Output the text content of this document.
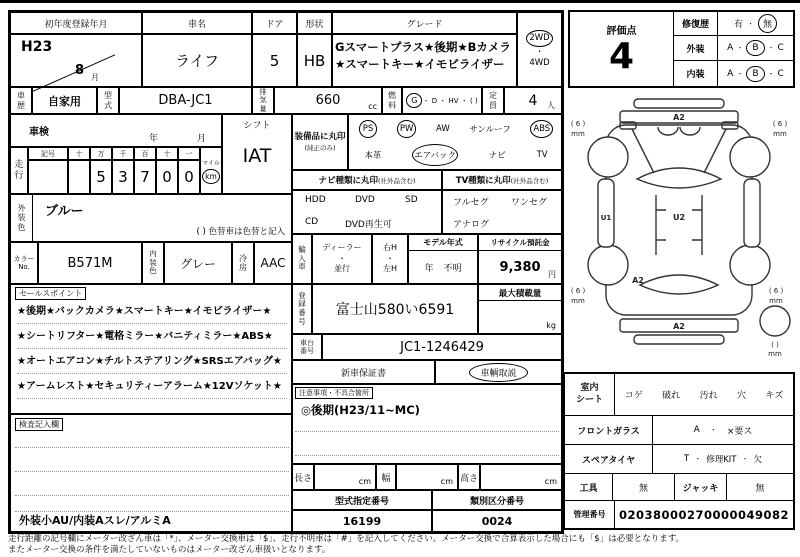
初年度登録年月
H23
8 月
車名
ライフ
ドア
5
形状
HB
グレード
Gスマートプラス★後期★Bカメラ★スマートキー★イモビライザー
2WD
・
4WD
車歴	自家用	型式	DBA-JC1
排気量
660	cc
燃料	G ・ D ・ HV ・ ( )
定員 4 人
車検
年	月
シフト
IAT
走行
記号	十	万	千	百	十	一
5 3 7 0 0
マイル
km
外装色
ブルー
( ) 色替車は色替と記入
カラー
No.	B571M
内装色
グレー	冷房	AAC
セールスポイント
★後期★バックカメラ★スマートキー★イモビライザー★
★シートリフター★電格ミラー★バニティミラー★ABS★
★オートエアコン★チルトステアリング★SRSエアバッグ★
★アームレスト★セキュリティーアラーム★12Vソケット★
検査記入欄
外装小AU/内装Aスレ/アルミA
装備品に丸印
(純正のみ)
PS	PW	AW サンルーフ	ABS
本革	エアバック	ナビ	TV
ナビ種類に丸印 (社外品含む)
HDD	DVD	SD
CD	DVD再生可
TV種類に丸印 (社外品含む)
フルセグ ワンセグ
アナログ
輸入車
ディーラー
・
並行
右H
・
左H
モデル年式
年 不明
リサイクル預託金
9,380 円
登録番号
富士山580い6591
最大積載量
kg
車台番号	JC1-1246429
新車保証書	車輌取説
注意事項・不具合箇所
◎後期(H23/11~MC)
長さ	cm	幅	cm 高さ	cm
型式指定番号	類別区分番号
16199	0024
評価点
4
修復歴	有 ・	無
外装	A ・	B	・ C
内装	A ・	B	・ C
A2
U2
U1
A2
A2
( 6 )
mm
( 6 )
mm
( 6 )
mm
( 6 )
mm
( )
mm
室内
シート コゲ 破れ 汚れ 穴 キズ
フロントガラス	A ・ ×要ス
スペアタイヤ	T ・ 修理KIT ・ 欠
工具	無	ジャッキ	無
管理番号	02038000270000049082
走行距離の記号欄にメーター改ざん車は「*」、メーター交換車は「$」、走行不明車は「#」を記入してください。メーター交換で合算表示した場合にも「$」は必要となります。
またメーター交換の条件を満たしていないものはメーター改ざん車扱いとなります。
